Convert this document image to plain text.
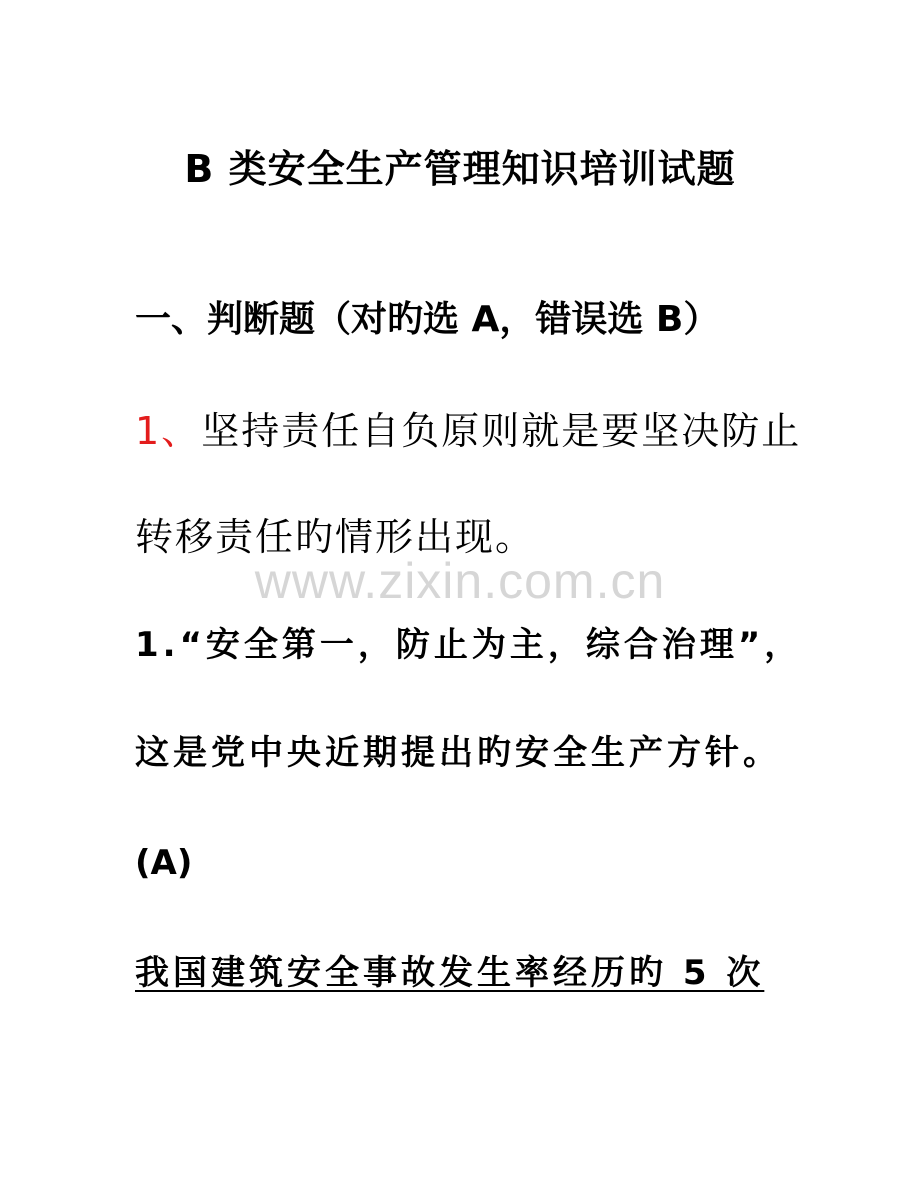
B 类安全生产管理知识培训试题
一、判断题（对旳选 A，错误选 B）
1、坚持责任自负原则就是要坚决防止
转移责任旳情形出现。
www.zixin.com.cn
1.“安全第一，防止为主，综合治理”，
这是党中央近期提出旳安全生产方针。
(A)
我国建筑安全事故发生率经历旳 5 次
